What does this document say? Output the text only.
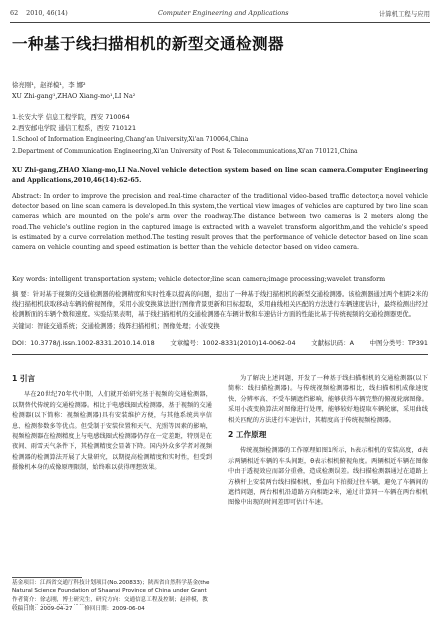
62 2010, 46(14)	Computer Engineering and Applications	计算机工程与应用
一种基于线扫描相机的新型交通检测器
徐亮刚¹，赵祥模¹，李 娜²
XU Zhi-gang¹,ZHAO Xiang-mo¹,LI Na²
1.长安大学 信息工程学院，西安 710064
2.西安邮电学院 通信工程系，西安 710121
1.School of Information Engineering,Chang'an University,Xi'an 710064,China
2.Department of Communication Engineering,Xi'an University of Post & Telecommunications,Xi'an 710121,China
XU Zhi-gang,ZHAO Xiang-mo,LI Na.Novel vehicle detection system based on line scan camera.Computer Engineering and Applications,2010,46(14):62-65.
Abstract: In order to improve the precision and real-time character of the traditional video-based traffic detector,a novel vehicle detector based on line scan camera is developed.In this system,the vertical view images of vehicles are captured by two line scan cameras which are mounted on the pole's arm over the roadway.The distance between two cameras is 2 meters along the road.The vehicle's outline region in the captured image is extracted with a wavelet transform algorithm,and the vehicle's speed is estimated by a curve correlation method.The testing result proves that the performance of vehicle detector based on line scan camera on vehicle counting and speed estimation is better than the vehicle detector based on video camera.
Key words: intelligent transportation system; vehicle detector;line scan camera;image processing;wavelet transform
摘 要：针对基于视频的交通检测器的检测精度和实时性难以提高的问题，提出了一种基于线扫描相机的新型交通检测器。该检测器通过两个相距2米的线扫描相机获取移动车辆的俯视图像，采用小波变换算法进行图像背景更新和目标提取，采用曲线相关匹配的方法进行车辆速度估计，最终检测出经过检测断面的车辆个数和速度。实验结果表明，基于线扫描相机的交通检测器在车辆计数和车速估计方面的性能比基于传统视频的交通检测器更优。
关键词：智能交通系统；交通检测器；线阵扫描相机；图像处理；小波变换
DOI：10.3778/j.issn.1002-8331.2010.14.018 文章编号：1002-8331(2010)14-0062-04 文献标识码：A 中图分类号：TP391
1 引言
早在20世纪70年代中期，人们就开始研究基于视频的交通检测器，以期替代传统的交通检测器。相比于电感线圈式检测器，基于视频的交通检测器(以下简称：视频检测器)具有安装维护方便，与其他系统共享信息、检测参数多等优点。但受制于安装位置和天气、光照等因素的影响，视频检测器在检测精度上与电感线圈式检测器仍存在一定差距，特别是在夜间、雨雪天气条件下，其检测精度会显著下降。国内外众多学者对视频检测器的检测算法开展了大量研究，以期提高检测精度和实时性，但受到摄像机本身的成像原理限制，始终难以获得理想效果。
为了解决上述问题，开发了一种基于线扫描相机的交通检测器(以下简称：线扫描检测器)。与传统视频检测器相比，线扫描相机成像速度快、分辨率高、不受车辆遮挡影响，能够获得车辆完整的俯视轮廓图像。采用小波变换算法对图像进行处理，能够较好地提取车辆轮廓，采用曲线相关匹配的方法进行车速估计，其精度高于传统视频检测器。
2 工作原理
传统视频检测器的工作原理如图1所示，h表示相机的安装高度，d表示两辆相近车辆的车头间距，θ表示相机俯视角度。两辆相近车辆在图像中由于透视效应而部分重叠，造成检测误差。线扫描检测器通过在道路上方横杆上安装两台线扫描相机，垂直向下拍摄过往车辆，避免了车辆间的遮挡问题，两台相机沿道路方向相距2米，通过计算同一车辆在两台相机图像中出现的时间差即可估计车速。
基金项目：江西省交通厅科技计划项目(No.200833)；陕西省自然科学基金(the Natural Science Foundation of Shaanxi Province of China under Grant
作者简介：徐志刚，博士研究生，研究方向：交通信息工程及控制；赵祥模，教
收稿日期：2009-04-27 修回日期：2009-06-04
